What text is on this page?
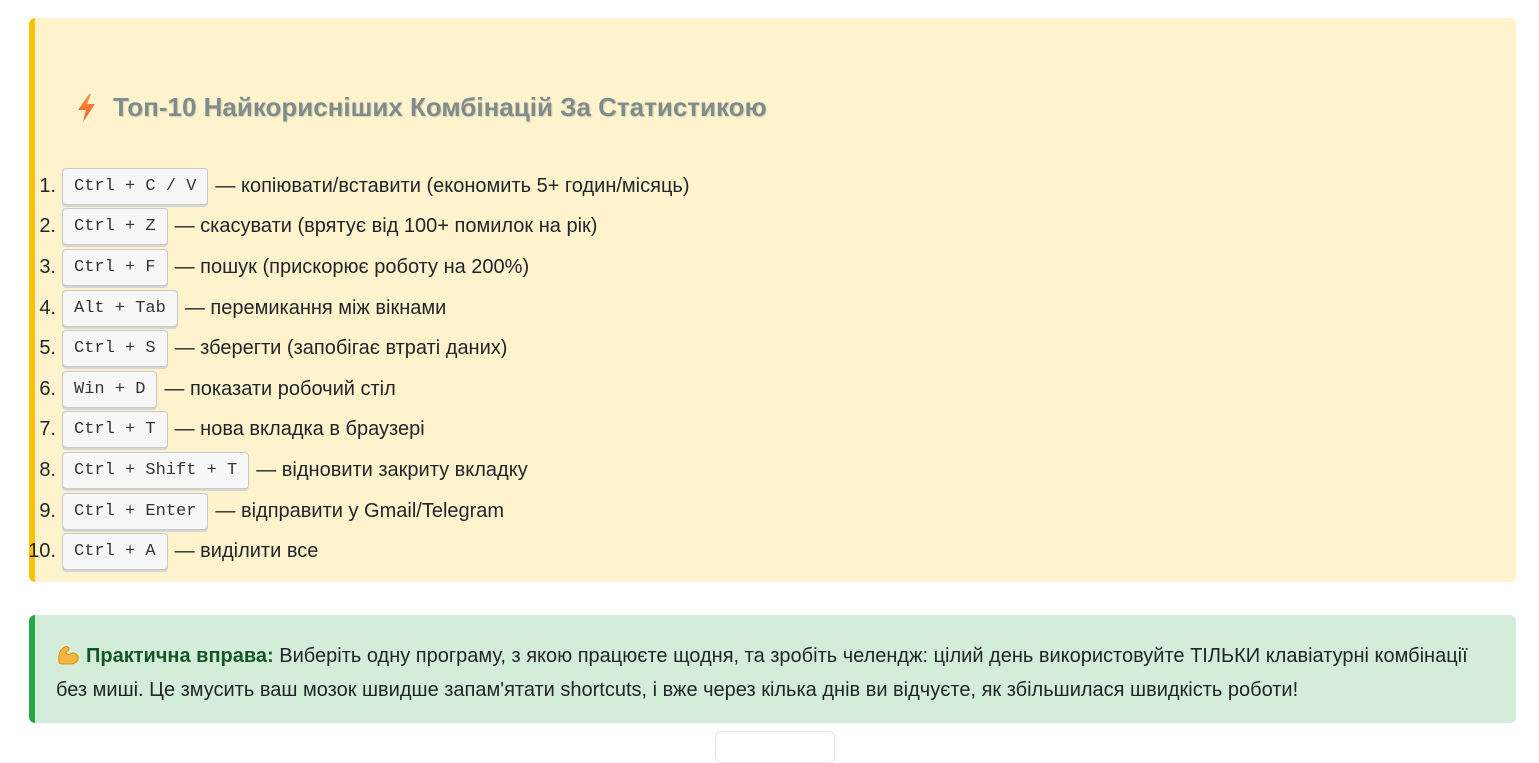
Топ-10 Найкорисніших Комбінацій За Статистикою
1.	Ctrl + C / V — копіювати/вставити (економить 5+ годин/місяць)
2.	Ctrl + Z — скасувати (врятує від 100+ помилок на рік)
3.	Ctrl + F — пошук (прискорює роботу на 200%)
4.	Alt + Tab — перемикання між вікнами
5.	Ctrl + S — зберегти (запобігає втраті даних)
6.	Win + D — показати робочий стіл
7.	Ctrl + T — нова вкладка в браузері
8.	Ctrl + Shift + T — відновити закриту вкладку
9.	Ctrl + Enter — відправити у Gmail/Telegram
10.	Ctrl + A — виділити все
Практична вправа: Виберіть одну програму, з якою працюєте щодня, та зробіть челендж: цілий день використовуйте ТІЛЬКИ клавіатурні комбінації без миші. Це змусить ваш мозок швидше запам'ятати shortcuts, і вже через кілька днів ви відчуєте, як збільшилася швидкість роботи!
